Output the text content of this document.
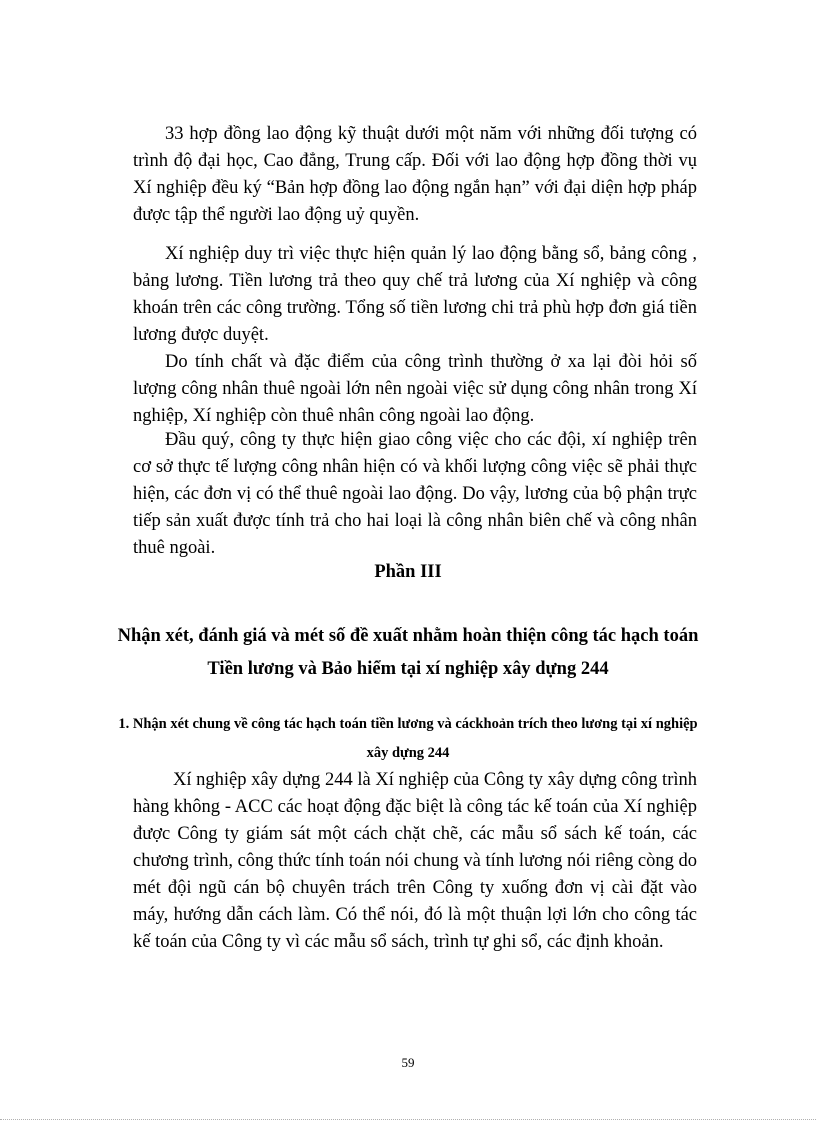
33 hợp đồng lao động kỹ thuật dưới một năm với những đối tượng có trình độ đại học, Cao đẳng, Trung cấp. Đối với lao động hợp đồng thời vụ Xí nghiệp đều ký “Bản hợp đồng lao động ngắn hạn” với đại diện hợp pháp được tập thể người lao động uỷ quyền.

Xí nghiệp duy trì việc thực hiện quản lý lao động bằng sổ, bảng công , bảng lương. Tiền lương trả theo quy chế trả lương của Xí nghiệp và công khoán trên các công trường. Tổng số tiền lương chi trả phù hợp đơn giá tiền lương được duyệt.

Do tính chất và đặc điểm của công trình thường ở xa lại đòi hỏi số lượng công nhân thuê ngoài lớn nên ngoài việc sử dụng công nhân trong Xí nghiệp, Xí nghiệp còn thuê nhân công ngoài lao động.

Đầu quý, công ty thực hiện giao công việc cho các đội, xí nghiệp trên cơ sở thực tế lượng công nhân hiện có và khối lượng công việc sẽ phải thực hiện, các đơn vị có thể thuê ngoài lao động. Do vậy, lương của bộ phận trực tiếp sản xuất được tính trả cho hai loại là công nhân biên chế và công nhân thuê ngoài.

Phần III
Nhận xét, đánh giá và mét số đề xuất nhằm hoàn thiện công tác hạch toán Tiền lương và Bảo hiểm tại xí nghiệp xây dựng 244
1. Nhận xét chung về công tác hạch toán tiền lương và cáckhoản trích theo lương tại xí nghiệp xây dựng 244

Xí nghiệp xây dựng 244 là Xí nghiệp của Công ty xây dựng công trình hàng không - ACC các hoạt động đặc biệt là công tác kế toán của Xí nghiệp được Công ty giám sát một cách chặt chẽ, các mẫu sổ sách kế toán, các chương trình, công thức tính toán nói chung và tính lương nói riêng còng do mét đội ngũ cán bộ chuyên trách trên Công ty xuống đơn vị cài đặt vào máy, hướng dẫn cách làm. Có thể nói, đó là một thuận lợi lớn cho công tác kế toán của Công ty vì các mẫu sổ sách, trình tự ghi sổ, các định khoản.

59
